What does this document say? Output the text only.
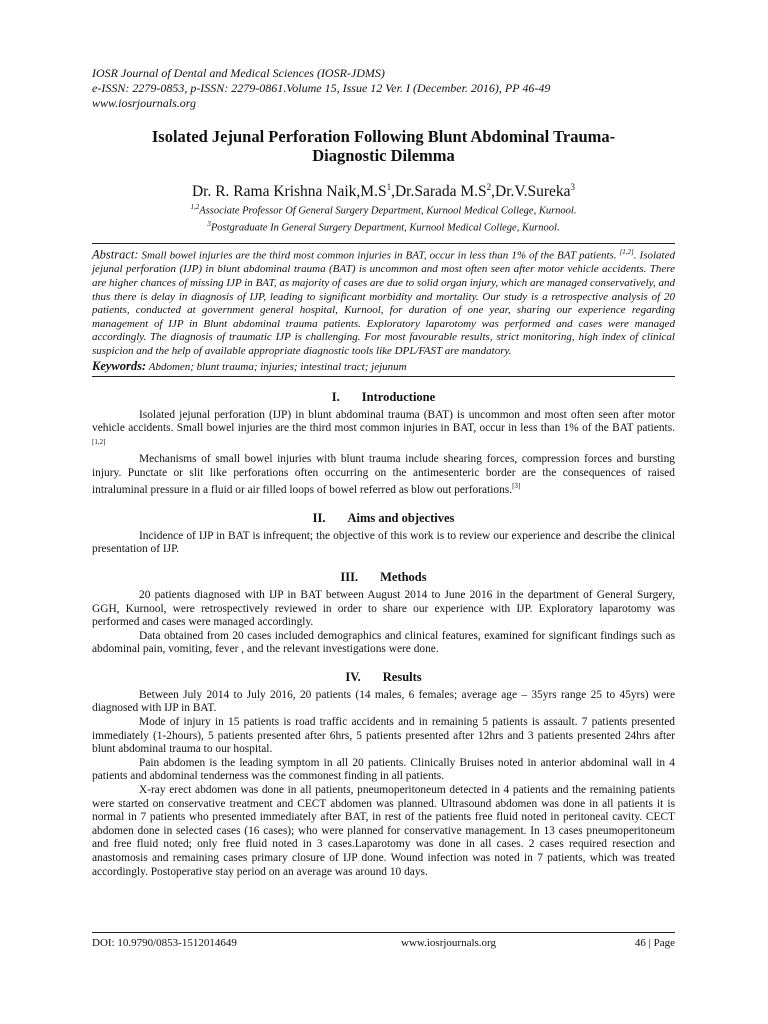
IOSR Journal of Dental and Medical Sciences (IOSR-JDMS)
e-ISSN: 2279-0853, p-ISSN: 2279-0861.Volume 15, Issue 12 Ver. I (December. 2016), PP 46-49
www.iosrjournals.org
Isolated Jejunal Perforation Following Blunt Abdominal Trauma-
Diagnostic Dilemma
Dr. R. Rama Krishna $Naik,M.S^1,Dr.Sarada$ $M.S^2,Dr.V.Sureka^3$
$^{1,2}$Associate Professor Of General Surgery Department, Kurnool Medical College, Kurnool.
$^3$Postgraduate In General Surgery Department, Kurnool Medical College, Kurnool.

Abstract: Small bowel injuries are the third most common injuries in BAT, occur in less than 1% of the BAT patients. [1,2]. Isolated jejunal perforation (IJP) in blunt abdominal trauma (BAT) is uncommon and most often seen after motor vehicle accidents. There are higher chances of missing IJP in BAT, as majority of cases are due to solid organ injury, which are managed conservatively, and thus there is delay in diagnosis of IJP, leading to significant morbidity and mortality. Our study is a retrospective analysis of 20 patients, conducted at government general hospital, Kurnool, for duration of one year, sharing our experience regarding management of IJP in Blunt abdominal trauma patients. Exploratory laparotomy was performed and cases were managed accordingly. The diagnosis of traumatic IJP is challenging. For most favourable results, strict monitoring, high index of clinical suspicion and the help of available appropriate diagnostic tools like DPL/FAST are mandatory.

Keywords: Abdomen; blunt trauma; injuries; intestinal tract; jejunum

I. Introductione

Isolated jejunal perforation (IJP) in blunt abdominal trauma (BAT) is uncommon and most often seen after motor vehicle accidents. Small bowel injuries are the third most common injuries in BAT, occur in less than 1% of the BAT patients. [1,2]

Mechanisms of small bowel injuries with blunt trauma include shearing forces, compression forces and bursting injury. Punctate or slit like perforations often occurring on the antimesenteric border are the consequences of raised intraluminal pressure in a fluid or air filled loops of bowel referred as blow out perforations.[3]

II. Aims and objectives

Incidence of IJP in BAT is infrequent; the objective of this work is to review our experience and describe the clinical presentation of IJP.

III. Methods

20 patients diagnosed with IJP in BAT between August 2014 to June 2016 in the department of General Surgery, GGH, Kurnool, were retrospectively reviewed in order to share our experience with IJP. Exploratory laparotomy was performed and cases were managed accordingly.

Data obtained from 20 cases included demographics and clinical features, examined for significant findings such as abdominal pain, vomiting, fever , and the relevant investigations were done.

IV. Results

Between July 2014 to July 2016, 20 patients (14 males, 6 females; average age – 35yrs range 25 to 45yrs) were diagnosed with IJP in BAT.

Mode of injury in 15 patients is road traffic accidents and in remaining 5 patients is assault. 7 patients presented immediately (1-2hours), 5 patients presented after 6hrs, 5 patients presented after 12hrs and 3 patients presented 24hrs after blunt abdominal trauma to our hospital.

Pain abdomen is the leading symptom in all 20 patients. Clinically Bruises noted in anterior abdominal wall in 4 patients and abdominal tenderness was the commonest finding in all patients.

X-ray erect abdomen was done in all patients, pneumoperitoneum detected in 4 patients and the remaining patients were started on conservative treatment and CECT abdomen was planned. Ultrasound abdomen was done in all patients it is normal in 7 patients who presented immediately after BAT, in rest of the patients free fluid noted in peritoneal cavity. CECT abdomen done in selected cases (16 cases); who were planned for conservative management. In 13 cases pneumoperitoneum and free fluid noted; only free fluid noted in 3 cases.Laparotomy was done in all cases. 2 cases required resection and anastomosis and remaining cases primary closure of IJP done. Wound infection was noted in 7 patients, which was treated accordingly. Postoperative stay period on an average was around 10 days.

DOI: 10.9790/0853-1512014649	www.iosrjournals.org	46 | Page
